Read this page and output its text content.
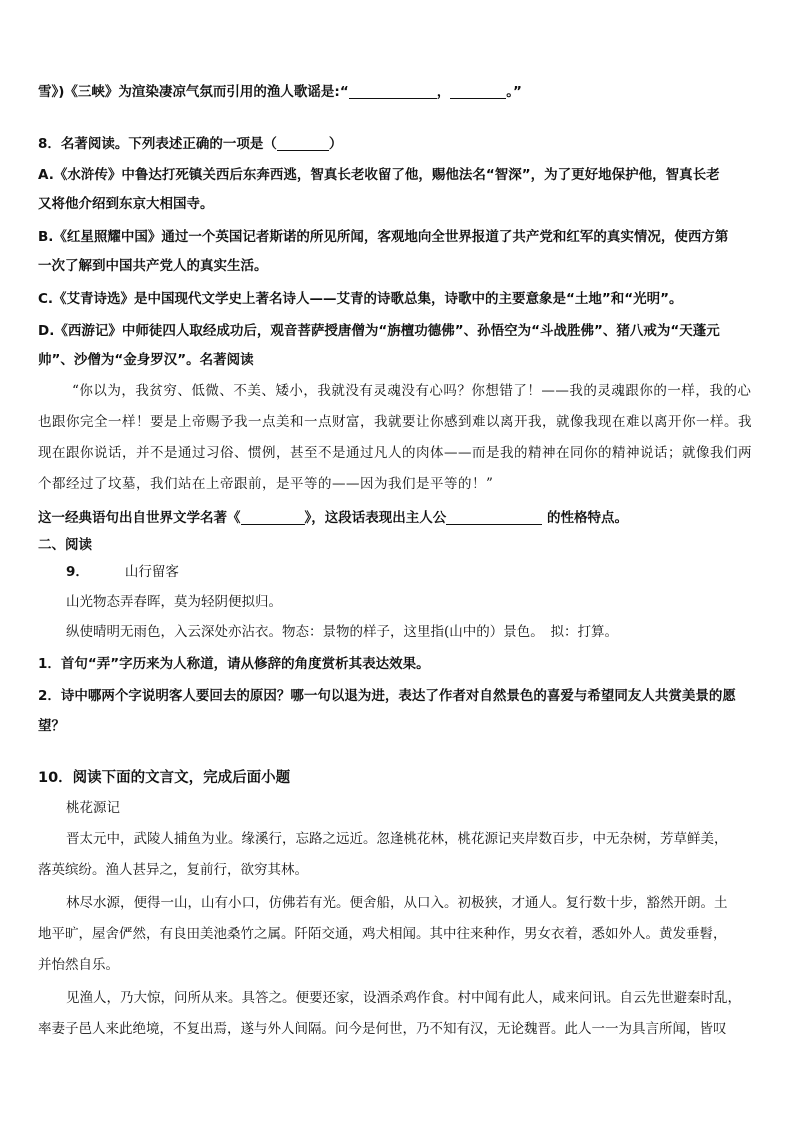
雪》)《三峡》为渲染凄凉气氛而引用的渔人歌谣是:“	，	。”
8．名著阅读。下列表述正确的一项是（	）
A.《水浒传》中鲁达打死镇关西后东奔西逃，智真长老收留了他，赐他法名“智深”，为了更好地保护他，智真长老
又将他介绍到东京大相国寺。
B.《红星照耀中国》通过一个英国记者斯诺的所见所闻，客观地向全世界报道了共产党和红军的真实情况，使西方第
一次了解到中国共产党人的真实生活。
C.《艾青诗选》是中国现代文学史上著名诗人——艾青的诗歌总集，诗歌中的主要意象是“土地”和“光明”。
D.《西游记》中师徒四人取经成功后，观音菩萨授唐僧为“旃檀功德佛”、孙悟空为“斗战胜佛”、猪八戒为“天蓬元
帅”、沙僧为“金身罗汉”。名著阅读
“你以为，我贫穷、低微、不美、矮小，我就没有灵魂没有心吗？你想错了！——我的灵魂跟你的一样，我的心
也跟你完全一样！要是上帝赐予我一点美和一点财富，我就要让你感到难以离开我，就像我现在难以离开你一样。我
现在跟你说话，并不是通过习俗、惯例，甚至不是通过凡人的肉体——而是我的精神在同你的精神说话；就像我们两
个都经过了坟墓，我们站在上帝跟前，是平等的——因为我们是平等的！”
这一经典语句出自世界文学名著《	》，这段话表现出主人公	的性格特点。
二、阅读
9．	山行留客
山光物态弄春晖，莫为轻阴便拟归。
纵使晴明无雨色，入云深处亦沾衣。物态：景物的样子，这里指(山中的）景色。　拟：打算。
1．首句“弄”字历来为人称道，请从修辞的角度赏析其表达效果。
2．诗中哪两个字说明客人要回去的原因？哪一句以退为进，表达了作者对自然景色的喜爱与希望同友人共赏美景的愿
望？
10．阅读下面的文言文，完成后面小题
桃花源记
晋太元中，武陵人捕鱼为业。缘溪行，忘路之远近。忽逢桃花林，桃花源记夹岸数百步，中无杂树，芳草鲜美，
落英缤纷。渔人甚异之，复前行，欲穷其林。
林尽水源，便得一山，山有小口，仿佛若有光。便舍船，从口入。初极狭，才通人。复行数十步，豁然开朗。土
地平旷，屋舍俨然，有良田美池桑竹之属。阡陌交通，鸡犬相闻。其中往来种作，男女衣着，悉如外人。黄发垂髫，
并怡然自乐。
见渔人，乃大惊，问所从来。具答之。便要还家，设酒杀鸡作食。村中闻有此人，咸来问讯。自云先世避秦时乱，
率妻子邑人来此绝境，不复出焉，遂与外人间隔。问今是何世，乃不知有汉，无论魏晋。此人一一为具言所闻，皆叹
